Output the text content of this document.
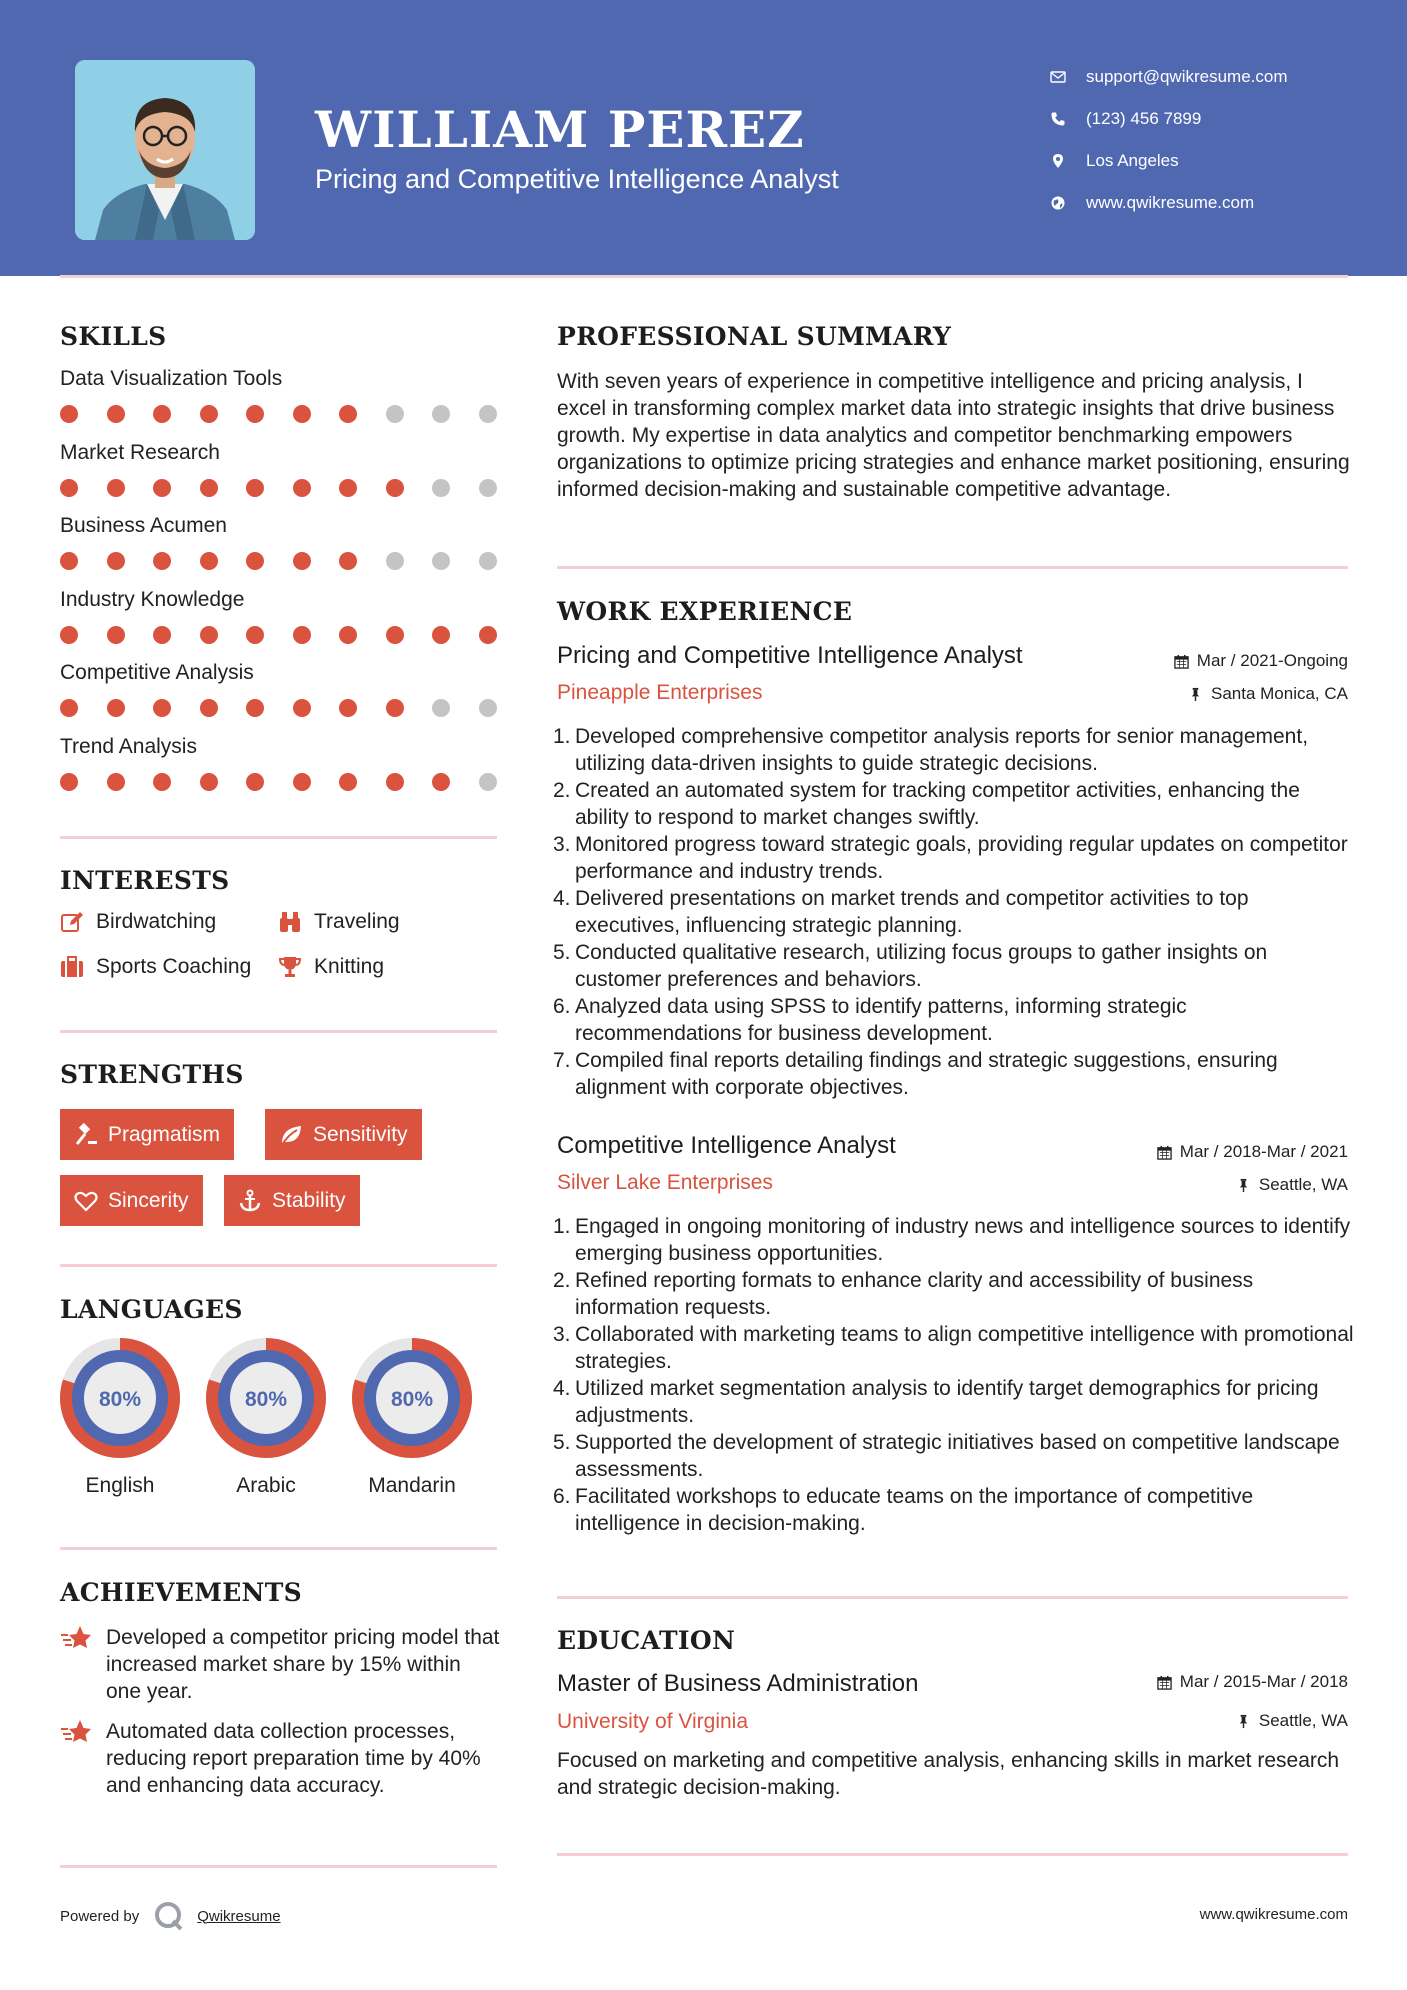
WILLIAM PEREZ
Pricing and Competitive Intelligence Analyst
support@qwikresume.com
(123) 456 7899
Los Angeles
www.qwikresume.com
SKILLS
Data Visualization Tools
Market Research
Business Acumen
Industry Knowledge
Competitive Analysis
Trend Analysis
INTERESTS
Birdwatching	Traveling
Sports Coaching	Knitting
STRENGTHS
Pragmatism	Sensitivity
Sincerity	Stability
LANGUAGES
80%
English
80%
Arabic
80%
Mandarin
ACHIEVEMENTS
Developed a competitor pricing model that increased market share by 15% within one year.
Automated data collection processes, reducing report preparation time by 40% and enhancing data accuracy.
PROFESSIONAL SUMMARY
With seven years of experience in competitive intelligence and pricing analysis, I excel in transforming complex market data into strategic insights that drive business growth. My expertise in data analytics and competitor benchmarking empowers organizations to optimize pricing strategies and enhance market positioning, ensuring informed decision-making and sustainable competitive advantage.
WORK EXPERIENCE
Pricing and Competitive Intelligence Analyst	Mar / 2021-Ongoing
Pineapple Enterprises	Santa Monica, CA
1. Developed comprehensive competitor analysis reports for senior management, utilizing data-driven insights to guide strategic decisions.
2. Created an automated system for tracking competitor activities, enhancing the ability to respond to market changes swiftly.
3. Monitored progress toward strategic goals, providing regular updates on competitor performance and industry trends.
4. Delivered presentations on market trends and competitor activities to top executives, influencing strategic planning.
5. Conducted qualitative research, utilizing focus groups to gather insights on customer preferences and behaviors.
6. Analyzed data using SPSS to identify patterns, informing strategic recommendations for business development.
7. Compiled final reports detailing findings and strategic suggestions, ensuring alignment with corporate objectives.
Competitive Intelligence Analyst	Mar / 2018-Mar / 2021
Silver Lake Enterprises	Seattle, WA
1. Engaged in ongoing monitoring of industry news and intelligence sources to identify emerging business opportunities.
2. Refined reporting formats to enhance clarity and accessibility of business information requests.
3. Collaborated with marketing teams to align competitive intelligence with promotional strategies.
4. Utilized market segmentation analysis to identify target demographics for pricing adjustments.
5. Supported the development of strategic initiatives based on competitive landscape assessments.
6. Facilitated workshops to educate teams on the importance of competitive intelligence in decision-making.
EDUCATION
Master of Business Administration	Mar / 2015-Mar / 2018
University of Virginia	Seattle, WA
Focused on marketing and competitive analysis, enhancing skills in market research and strategic decision-making.
Powered by	Qwikresume	www.qwikresume.com
